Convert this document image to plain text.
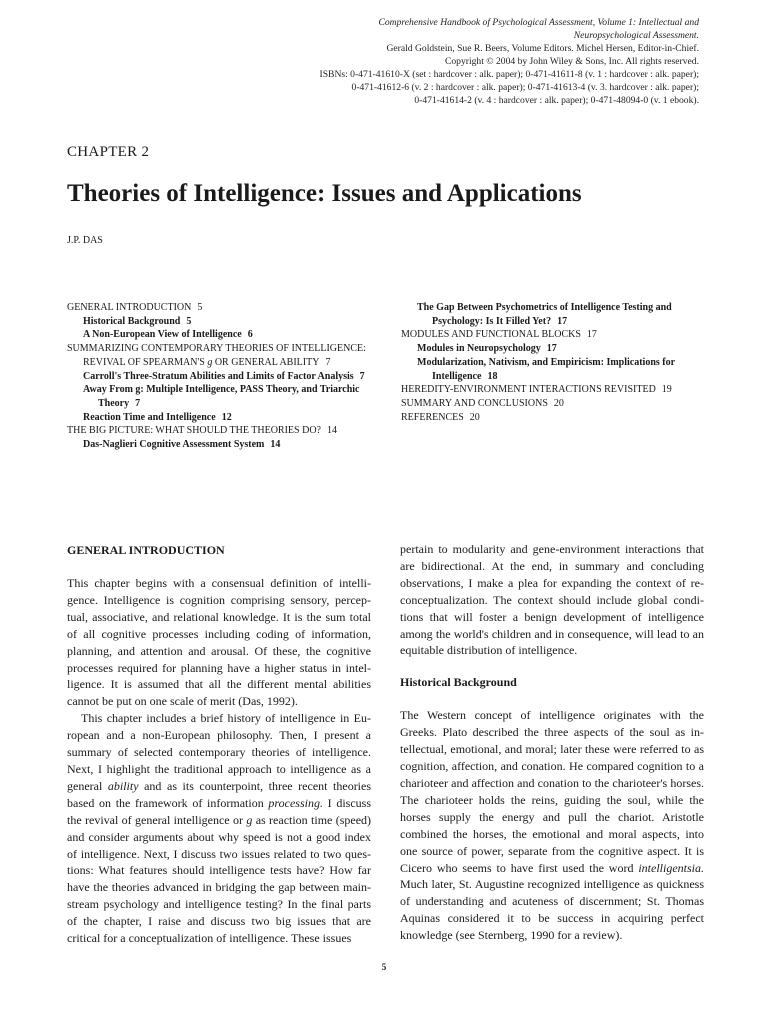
Comprehensive Handbook of Psychological Assessment, Volume 1: Intellectual and
Neuropsychological Assessment.
Gerald Goldstein, Sue R. Beers, Volume Editors. Michel Hersen, Editor-in-Chief.
Copyright © 2004 by John Wiley & Sons, Inc. All rights reserved.
ISBNs: 0-471-41610-X (set : hardcover : alk. paper); 0-471-41611-8 (v. 1 : hardcover : alk. paper);
0-471-41612-6 (v. 2 : hardcover : alk. paper); 0-471-41613-4 (v. 3. hardcover : alk. paper);
0-471-41614-2 (v. 4 : hardcover : alk. paper); 0-471-48094-0 (v. 1 ebook).
CHAPTER 2
Theories of Intelligence: Issues and Applications
J.P. DAS
GENERAL INTRODUCTION 5
Historical Background 5
A Non-European View of Intelligence 6
SUMMARIZING CONTEMPORARY THEORIES OF INTELLIGENCE: REVIVAL OF SPEARMAN'S g OR GENERAL ABILITY 7
Carroll's Three-Stratum Abilities and Limits of Factor Analysis 7
Away From g: Multiple Intelligence, PASS Theory, and Triarchic Theory 7
Reaction Time and Intelligence 12
THE BIG PICTURE: WHAT SHOULD THE THEORIES DO? 14
Das-Naglieri Cognitive Assessment System 14
The Gap Between Psychometrics of Intelligence Testing and Psychology: Is It Filled Yet? 17
MODULES AND FUNCTIONAL BLOCKS 17
Modules in Neuropsychology 17
Modularization, Nativism, and Empiricism: Implications for Intelligence 18
HEREDITY-ENVIRONMENT INTERACTIONS REVISITED 19
SUMMARY AND CONCLUSIONS 20
REFERENCES 20
GENERAL INTRODUCTION

This chapter begins with a consensual definition of intelligence. Intelligence is cognition comprising sensory, perceptual, associative, and relational knowledge. It is the sum total of all cognitive processes including coding of information, planning, and attention and arousal. Of these, the cognitive processes required for planning have a higher status in intelligence. It is assumed that all the different mental abilities cannot be put on one scale of merit (Das, 1992).

This chapter includes a brief history of intelligence in European and a non-European philosophy. Then, I present a summary of selected contemporary theories of intelligence. Next, I highlight the traditional approach to intelligence as a general ability and as its counterpoint, three recent theories based on the framework of information processing. I discuss the revival of general intelligence or g as reaction time (speed) and consider arguments about why speed is not a good index of intelligence. Next, I discuss two issues related to two questions: What features should intelligence tests have? How far have the theories advanced in bridging the gap between mainstream psychology and intelligence testing? In the final parts of the chapter, I raise and discuss two big issues that are critical for a conceptualization of intelligence. These issues

pertain to modularity and gene-environment interactions that are bidirectional. At the end, in summary and concluding observations, I make a plea for expanding the context of reconceptualization. The context should include global conditions that will foster a benign development of intelligence among the world's children and in consequence, will lead to an equitable distribution of intelligence.

Historical Background

The Western concept of intelligence originates with the Greeks. Plato described the three aspects of the soul as intellectual, emotional, and moral; later these were referred to as cognition, affection, and conation. He compared cognition to a charioteer and affection and conation to the charioteer's horses. The charioteer holds the reins, guiding the soul, while the horses supply the energy and pull the chariot. Aristotle combined the horses, the emotional and moral aspects, into one source of power, separate from the cognitive aspect. It is Cicero who seems to have first used the word intelligentsia. Much later, St. Augustine recognized intelligence as quickness of understanding and acuteness of discernment; St. Thomas Aquinas considered it to be success in acquiring perfect knowledge (see Sternberg, 1990 for a review).

5
